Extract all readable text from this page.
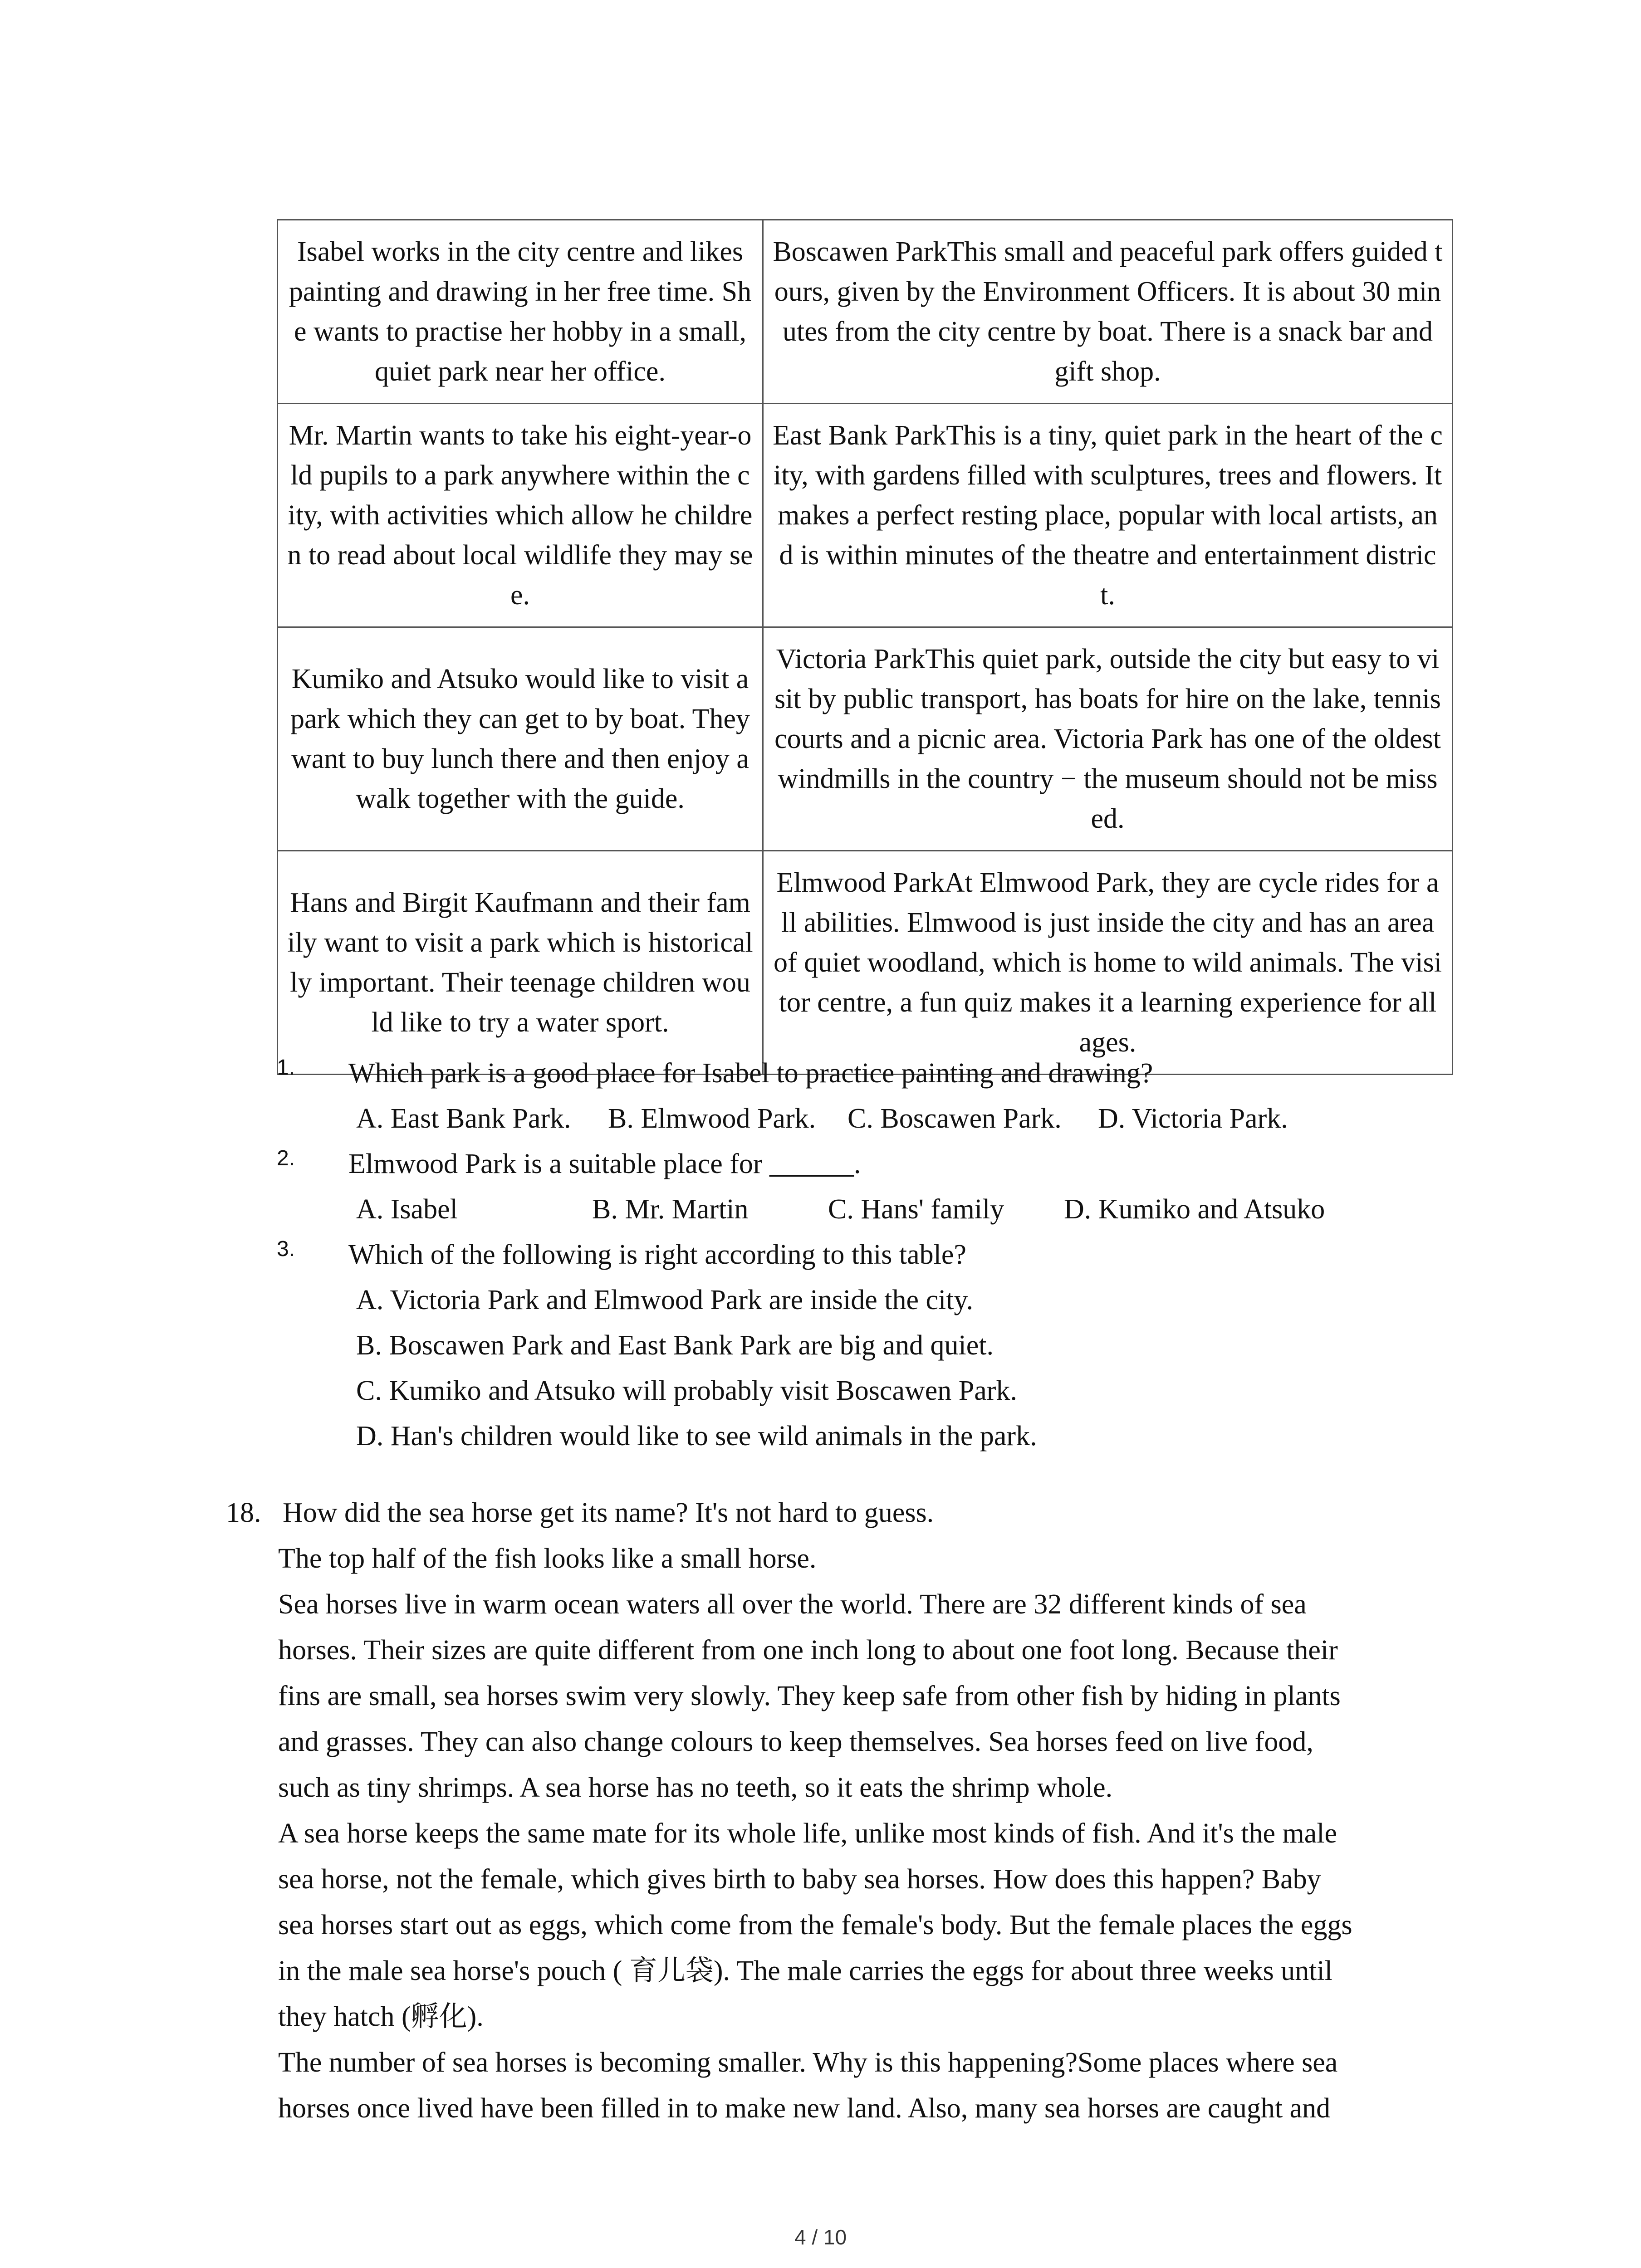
Isabel works in the city centre and likes painting and drawing in her free time. She wants to practise her hobby in a small, quiet park near her office.	Boscawen ParkThis small and peaceful park offers guided tours, given by the Environment Officers. It is about 30 minutes from the city centre by boat. There is a snack bar and gift shop.
Mr. Martin wants to take his eight-year-old pupils to a park anywhere within the city, with activities which allow he children to read about local wildlife they may see.	East Bank ParkThis is a tiny, quiet park in the heart of the city, with gardens filled with sculptures, trees and flowers. It makes a perfect resting place, popular with local artists, and is within minutes of the theatre and entertainment district.
Kumiko and Atsuko would like to visit a park which they can get to by boat. They want to buy lunch there and then enjoy a walk together with the guide.	Victoria ParkThis quiet park, outside the city but easy to visit by public transport, has boats for hire on the lake, tennis courts and a picnic area. Victoria Park has one of the oldest windmills in the country − the museum should not be missed.
Hans and Birgit Kaufmann and their family want to visit a park which is historically important. Their teenage children would like to try a water sport.	Elmwood ParkAt Elmwood Park, they are cycle rides for all abilities. Elmwood is just inside the city and has an area of quiet woodland, which is home to wild animals. The visitor centre, a fun quiz makes it a learning experience for all ages.
1. Which park is a good place for Isabel to practice painting and drawing?
A. East Bank Park. B. Elmwood Park. C. Boscawen Park. D. Victoria Park.
2. Elmwood Park is a suitable place for ______.
A. Isabel	B. Mr. Martin	C. Hans' family D. Kumiko and Atsuko
3. Which of the following is right according to this table?
A. Victoria Park and Elmwood Park are inside the city.
B. Boscawen Park and East Bank Park are big and quiet.
C. Kumiko and Atsuko will probably visit Boscawen Park.
D. Han's children would like to see wild animals in the park.
18. How did the sea horse get its name? It's not hard to guess.
The top half of the fish looks like a small horse.
Sea horses live in warm ocean waters all over the world. There are 32 different kinds of sea
horses. Their sizes are quite different from one inch long to about one foot long. Because their
fins are small, sea horses swim very slowly. They keep safe from other fish by hiding in plants
and grasses. They can also change colours to keep themselves. Sea horses feed on live food,
such as tiny shrimps. A sea horse has no teeth, so it eats the shrimp whole.
A sea horse keeps the same mate for its whole life, unlike most kinds of fish. And it's the male
sea horse, not the female, which gives birth to baby sea horses. How does this happen? Baby
sea horses start out as eggs, which come from the female's body. But the female places the eggs
in the male sea horse's pouch ( 育儿袋). The male carries the eggs for about three weeks until
they hatch (孵化).
The number of sea horses is becoming smaller. Why is this happening?Some places where sea
horses once lived have been filled in to make new land. Also, many sea horses are caught and
4 / 10
